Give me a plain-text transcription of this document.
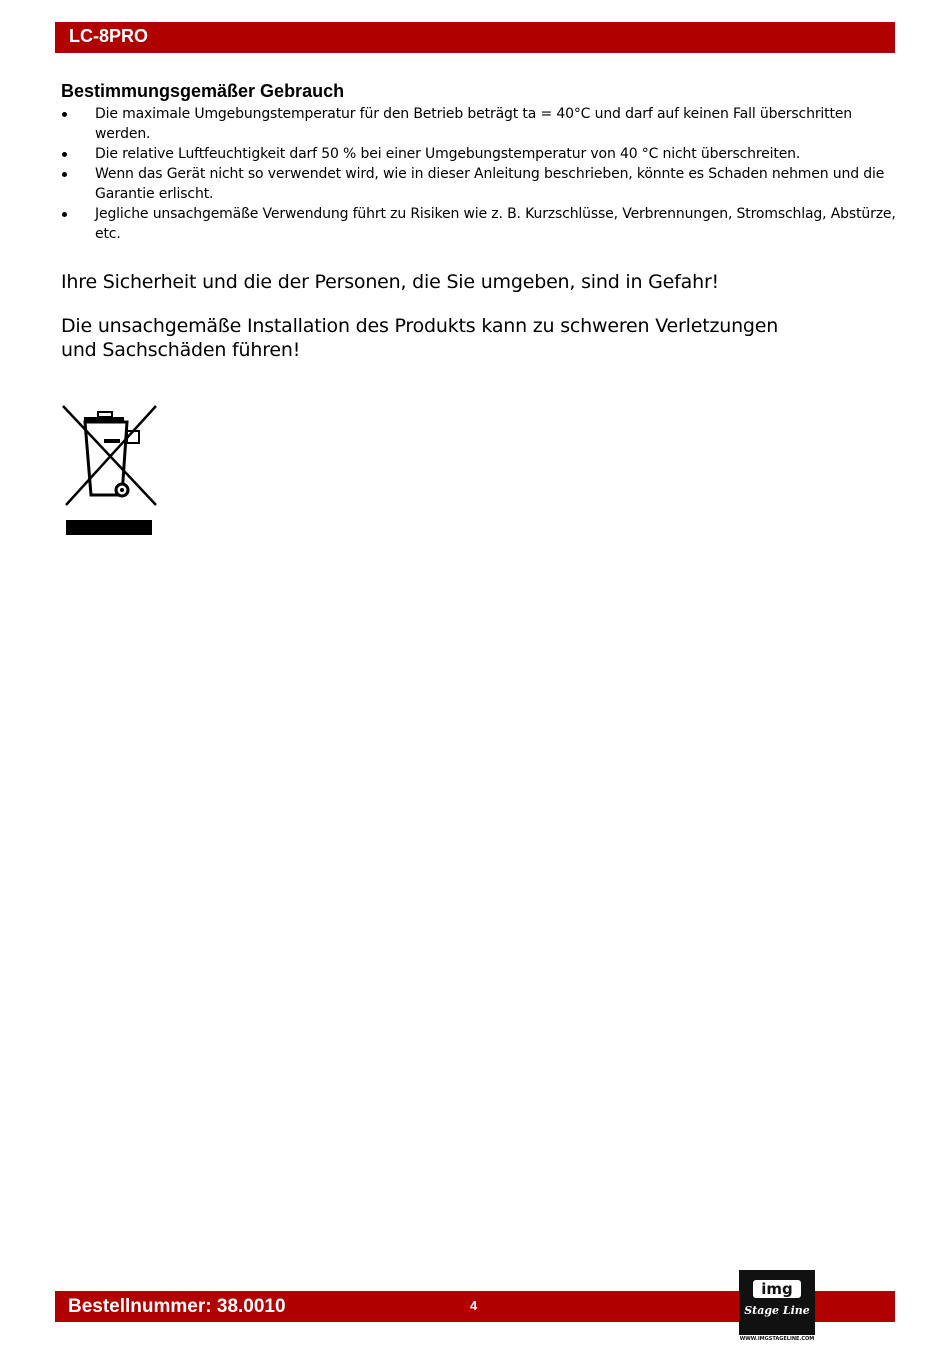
LC-8PRO
Bestimmungsgemäßer Gebrauch
Die maximale Umgebungstemperatur für den Betrieb beträgt ta = 40°C und darf auf keinen Fall überschritten werden.
Die relative Luftfeuchtigkeit darf 50 % bei einer Umgebungstemperatur von 40 °C nicht überschreiten.
Wenn das Gerät nicht so verwendet wird, wie in dieser Anleitung beschrieben, könnte es Schaden nehmen und die Garantie erlischt.
Jegliche unsachgemäße Verwendung führt zu Risiken wie z. B. Kurzschlüsse, Verbrennungen, Stromschlag, Abstürze, etc.

Ihre Sicherheit und die der Personen, die Sie umgeben, sind in Gefahr!

Die unsachgemäße Installation des Produkts kann zu schweren Verletzungen und Sachschäden führen!

Bestellnummer: 38.0010	4
img
Stage Line
WWW.IMGSTAGELINE.COM
